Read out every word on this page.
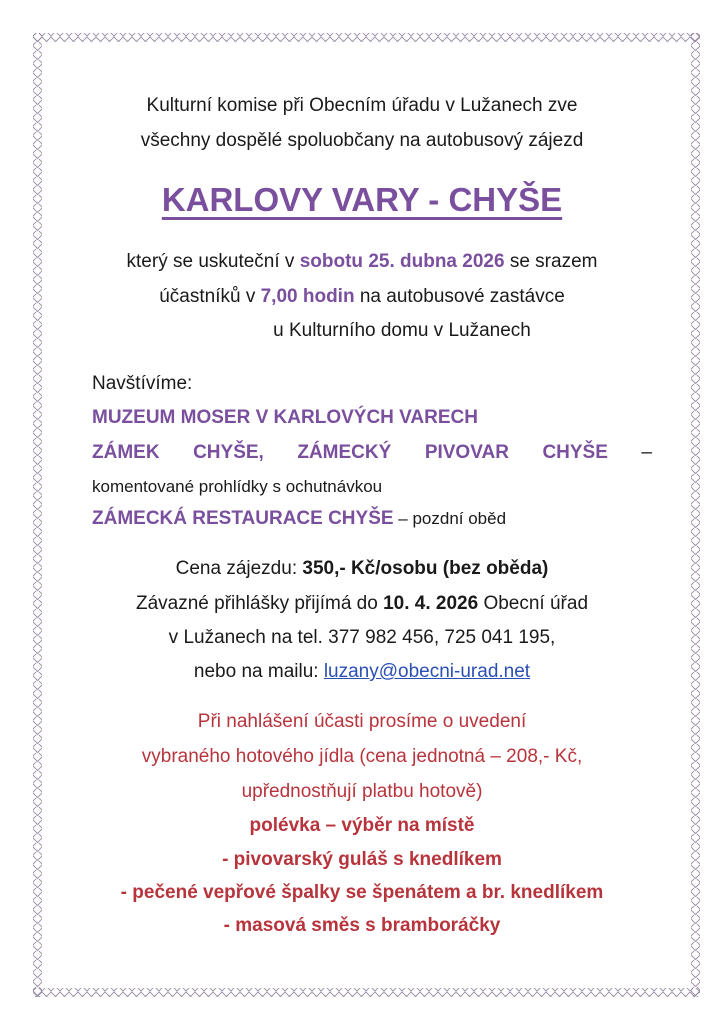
Kulturní komise při Obecním úřadu v Lužanech zve
všechny dospělé spoluobčany na autobusový zájezd
KARLOVY VARY - CHYŠE
který se uskuteční v sobotu 25. dubna 2026 se srazem
účastníků v 7,00 hodin na autobusové zastávce
u Kulturního domu v Lužanech
Navštívíme:
MUZEUM MOSER V KARLOVÝCH VARECH
ZÁMEK CHYŠE, ZÁMECKÝ PIVOVAR CHYŠE –
komentované prohlídky s ochutnávkou
ZÁMECKÁ RESTAURACE CHYŠE – pozdní oběd
Cena zájezdu: 350,- Kč/osobu (bez oběda)
Závazné přihlášky přijímá do 10. 4. 2026 Obecní úřad
v Lužanech na tel. 377 982 456, 725 041 195,
nebo na mailu: luzany@obecni-urad.net
Při nahlášení účasti prosíme o uvedení
vybraného hotového jídla (cena jednotná – 208,- Kč,
upřednostňují platbu hotově)
polévka – výběr na místě
- pivovarský guláš s knedlíkem
- pečené vepřové špalky se špenátem a br. knedlíkem
- masová směs s bramboráčky
